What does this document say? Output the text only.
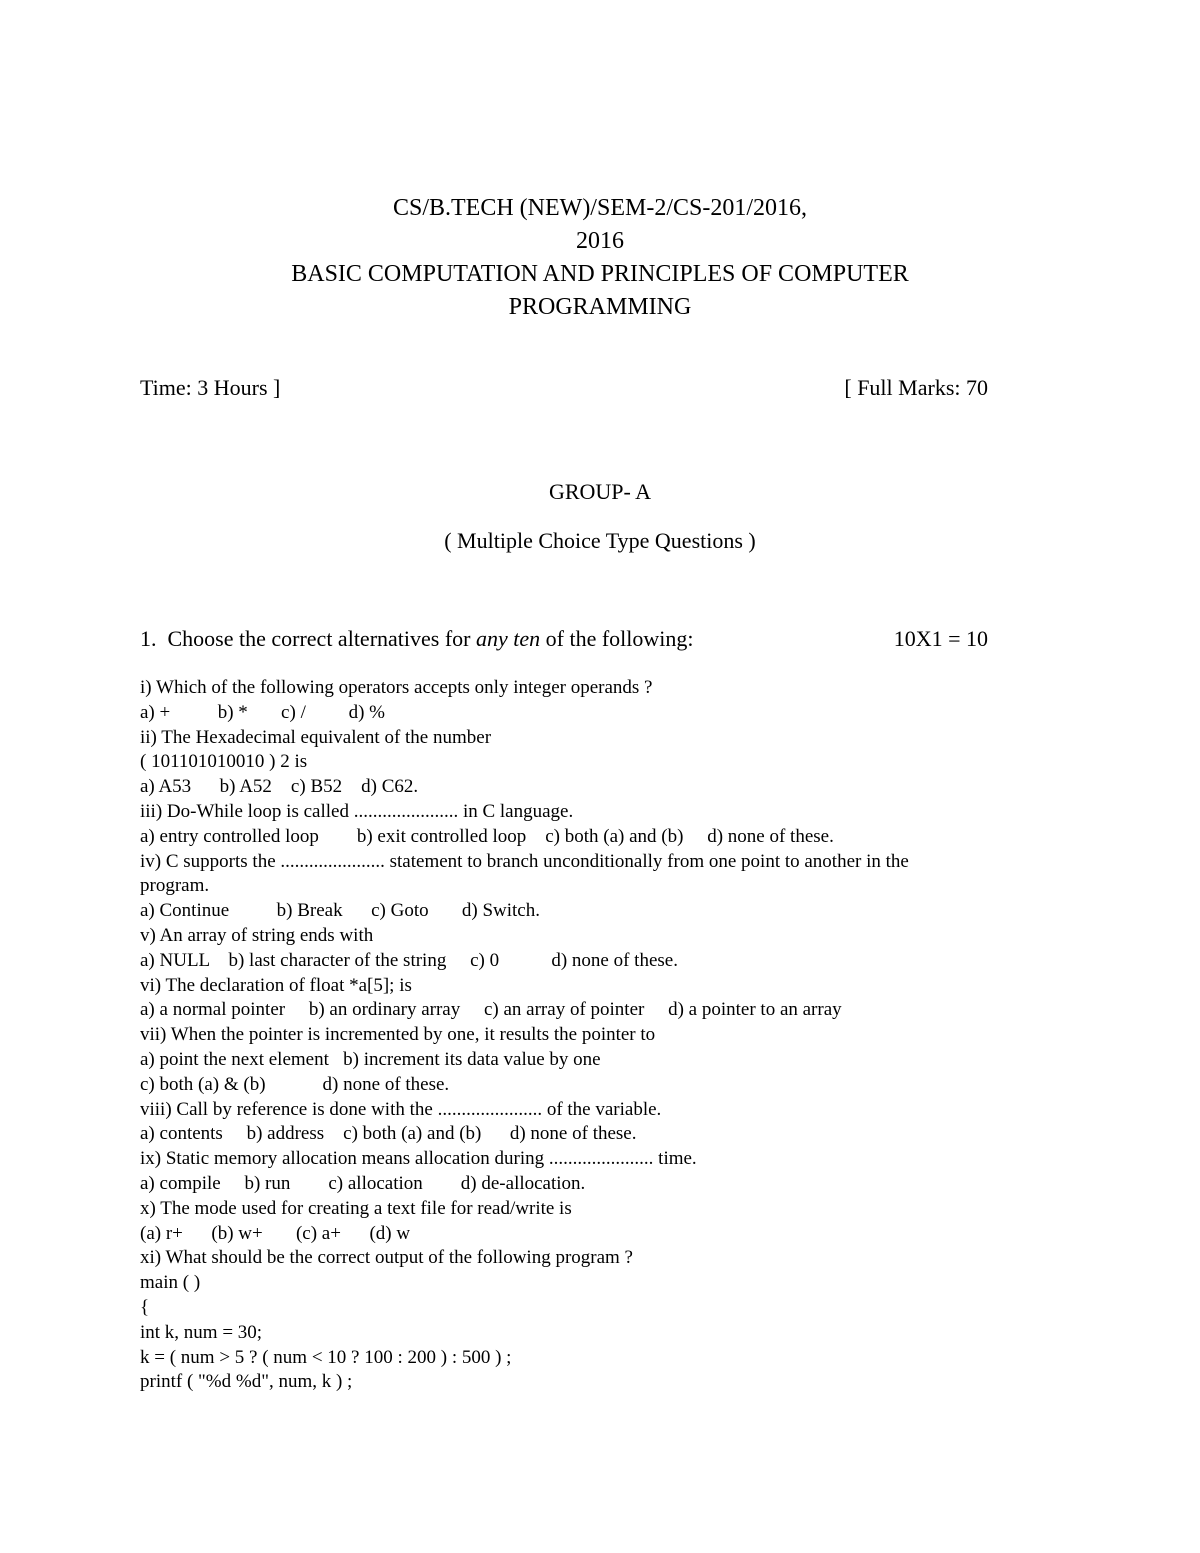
CS/B.TECH (NEW)/SEM-2/CS-201/2016,
2016
BASIC COMPUTATION AND PRINCIPLES OF COMPUTER
PROGRAMMING
Time: 3 Hours ]	[ Full Marks: 70
GROUP- A
( Multiple Choice Type Questions )
1.  Choose the correct alternatives for any ten of the following:	10X1 = 10
i) Which of the following operators accepts only integer operands ?
a) +          b) *       c) /         d) %
ii) The Hexadecimal equivalent of the number
( 101101010010 ) 2 is
a) A53      b) A52    c) B52    d) C62.
iii) Do-While loop is called ...................... in C language.
a) entry controlled loop        b) exit controlled loop    c) both (a) and (b)     d) none of these.
iv) C supports the ...................... statement to branch unconditionally from one point to another in the
program.
a) Continue          b) Break      c) Goto       d) Switch.
v) An array of string ends with
a) NULL    b) last character of the string     c) 0           d) none of these.
vi) The declaration of float *a[5]; is
a) a normal pointer     b) an ordinary array     c) an array of pointer     d) a pointer to an array
vii) When the pointer is incremented by one, it results the pointer to
a) point the next element   b) increment its data value by one
c) both (a) & (b)            d) none of these.
viii) Call by reference is done with the ...................... of the variable.
a) contents     b) address    c) both (a) and (b)      d) none of these.
ix) Static memory allocation means allocation during ...................... time.
a) compile     b) run        c) allocation        d) de-allocation.
x) The mode used for creating a text file for read/write is
(a) r+      (b) w+       (c) a+      (d) w
xi) What should be the correct output of the following program ?
main ( )
{
int k, num = 30;
k = ( num > 5 ? ( num < 10 ? 100 : 200 ) : 500 ) ;
printf ( "%d %d", num, k ) ;
